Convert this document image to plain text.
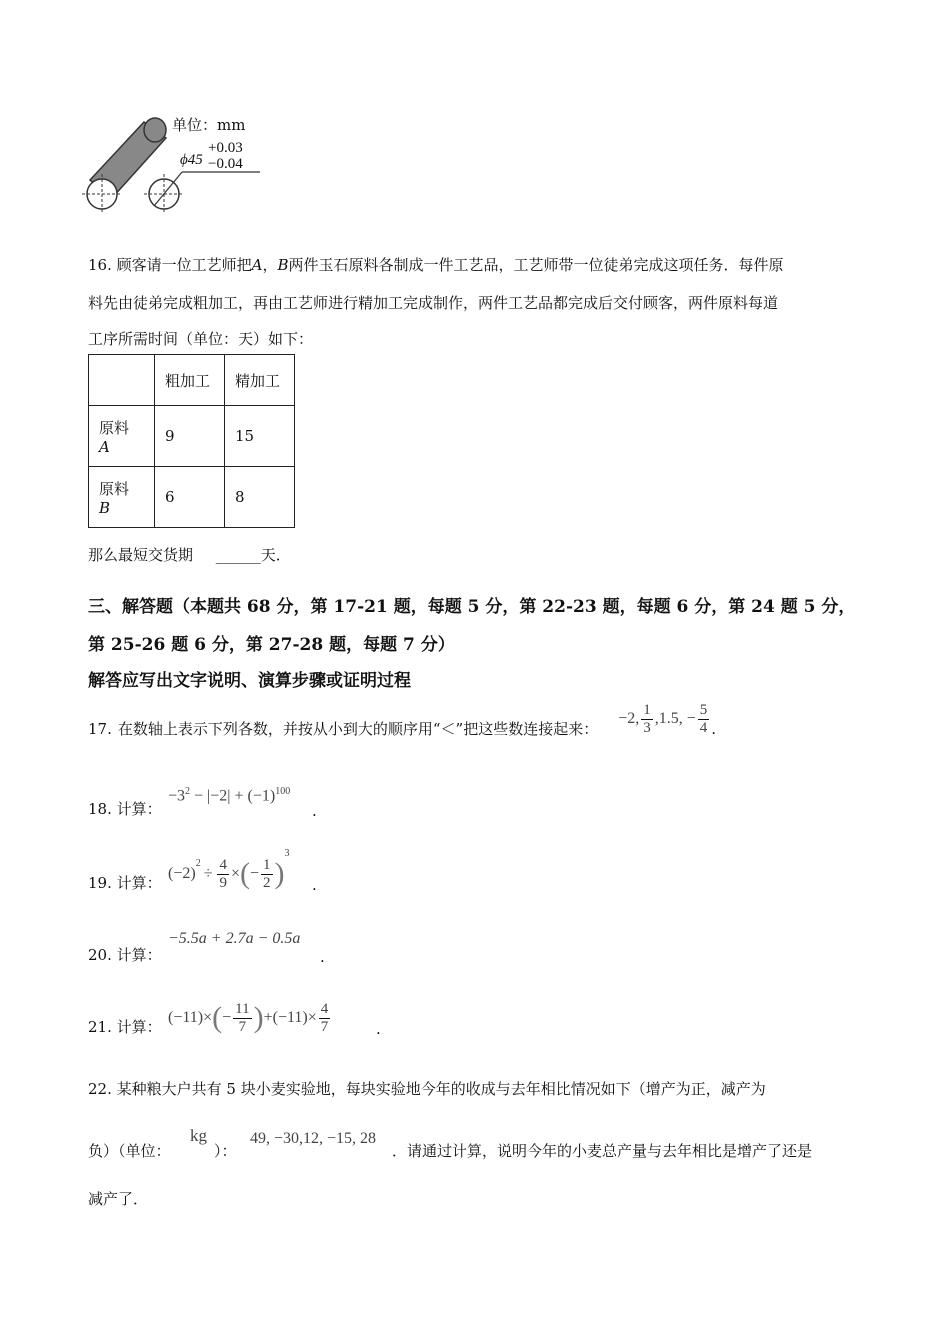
单位：mm
+0.03
ϕ45 −0.04
16. 顾客请一位工艺师把A，B两件玉石原料各制成一件工艺品，工艺师带一位徒弟完成这项任务．每件原
料先由徒弟完成粗加工，再由工艺师进行精加工完成制作，两件工艺品都完成后交付顾客，两件原料每道
工序所需时间（单位：天）如下：
	粗加工	精加工

原料
A	9	15

原料
B	6	8
那么最短交货期 ______天．
三、解答题（本题共 68 分，第 17-21 题，每题 5 分，第 22-23 题，每题 6 分，第 24 题 5 分，
第 25-26 题 6 分，第 27-28 题，每题 7 分）
解答应写出文字说明、演算步骤或证明过程
17. 在数轴上表示下列各数，并按从小到大的顺序用“＜”把这些数连接起来：
−2, $\frac{1}{3} ,1.5$, − $\frac{5}{4}$ .
18. 计算：
$-3^2 - |-2| + (-1)^{100}$
.
19. 计算：
(−2)
$^2$
÷ $\frac{4}{9}$ × ( − $\frac{1}{2}$ )
$^3$
.
20. 计算：
−5.5a + 2.7a − 0.5a
.
21. 计算：
(−11)× ( − $\frac{11}{7}$ ) $+(-11)\times \frac{4}{7}$	.
22. 某种粮大户共有 5 块小麦实验地，每块实验地今年的收成与去年相比情况如下（增产为正，减产为
负）（单位：
kg
）：
49, −30,12, −15, 28
．请通过计算，说明今年的小麦总产量与去年相比是增产了还是
减产了．
